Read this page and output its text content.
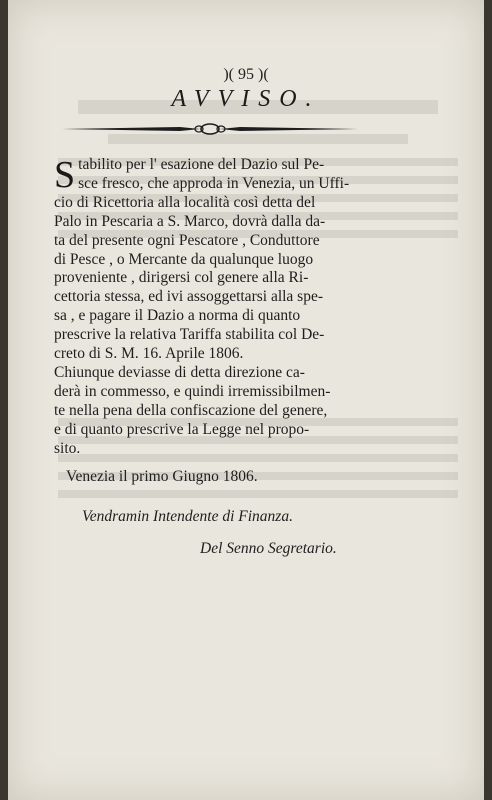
)( 95 )(
AVVISO.
S tabilito per l' esazione del Dazio sul Pe-
sce fresco, che approda in Venezia, un Uffi-
cio di Ricettoria alla località così detta del
Palo in Pescaria a S. Marco, dovrà dalla da-
ta del presente ogni Pescatore , Conduttore
di Pesce , o Mercante da qualunque luogo
proveniente , dirigersi col genere alla Ri-
cettoria stessa, ed ivi assoggettarsi alla spe-
sa , e pagare il Dazio a norma di quanto
prescrive la relativa Tariffa stabilita col De-
creto di S. M. 16. Aprile 1806.
Chiunque deviasse di detta direzione ca-
derà in commesso, e quindi irremissibilmen-
te nella pena della confiscazione del genere,
e di quanto prescrive la Legge nel propo-
sito.
Venezia il primo Giugno 1806.
Vendramin Intendente di Finanza.
Del Senno Segretario.
